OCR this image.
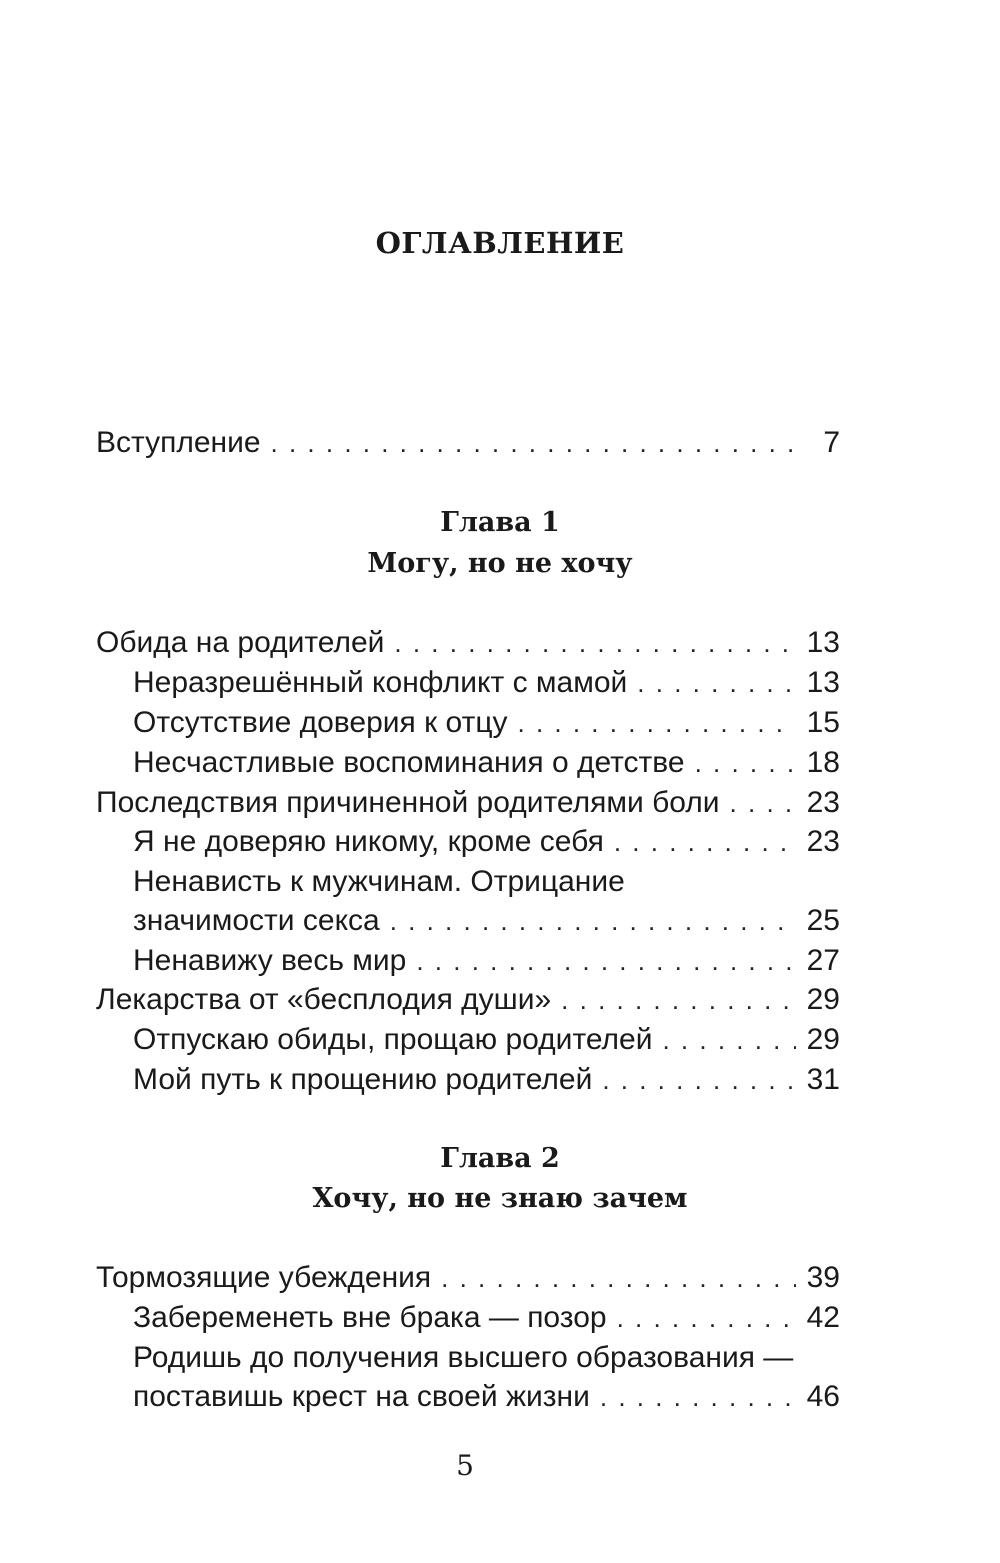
ОГЛАВЛЕНИЕ
Вступление . . .	7
Глава 1
Могу, но не хочу
Обида на родителей . . .	13
Неразрешённый конфликт с мамой . . .	13
Отсутствие доверия к отцу . . .	15
Несчастливые воспоминания о детстве . . .	18
Последствия причиненной родителями боли . . .	23
Я не доверяю никому, кроме себя . . .	23
Ненависть к мужчинам. Отрицание
значимости секса . . .	25
Ненавижу весь мир . . .	27
Лекарства от «бесплодия души» . . .	29
Отпускаю обиды, прощаю родителей . . .	29
Мой путь к прощению родителей . . .	31
Глава 2
Хочу, но не знаю зачем
Тормозящие убеждения . . .	39
Забеременеть вне брака — позор . . .	42
Родишь до получения высшего образования —
поставишь крест на своей жизни . . .	46
5
